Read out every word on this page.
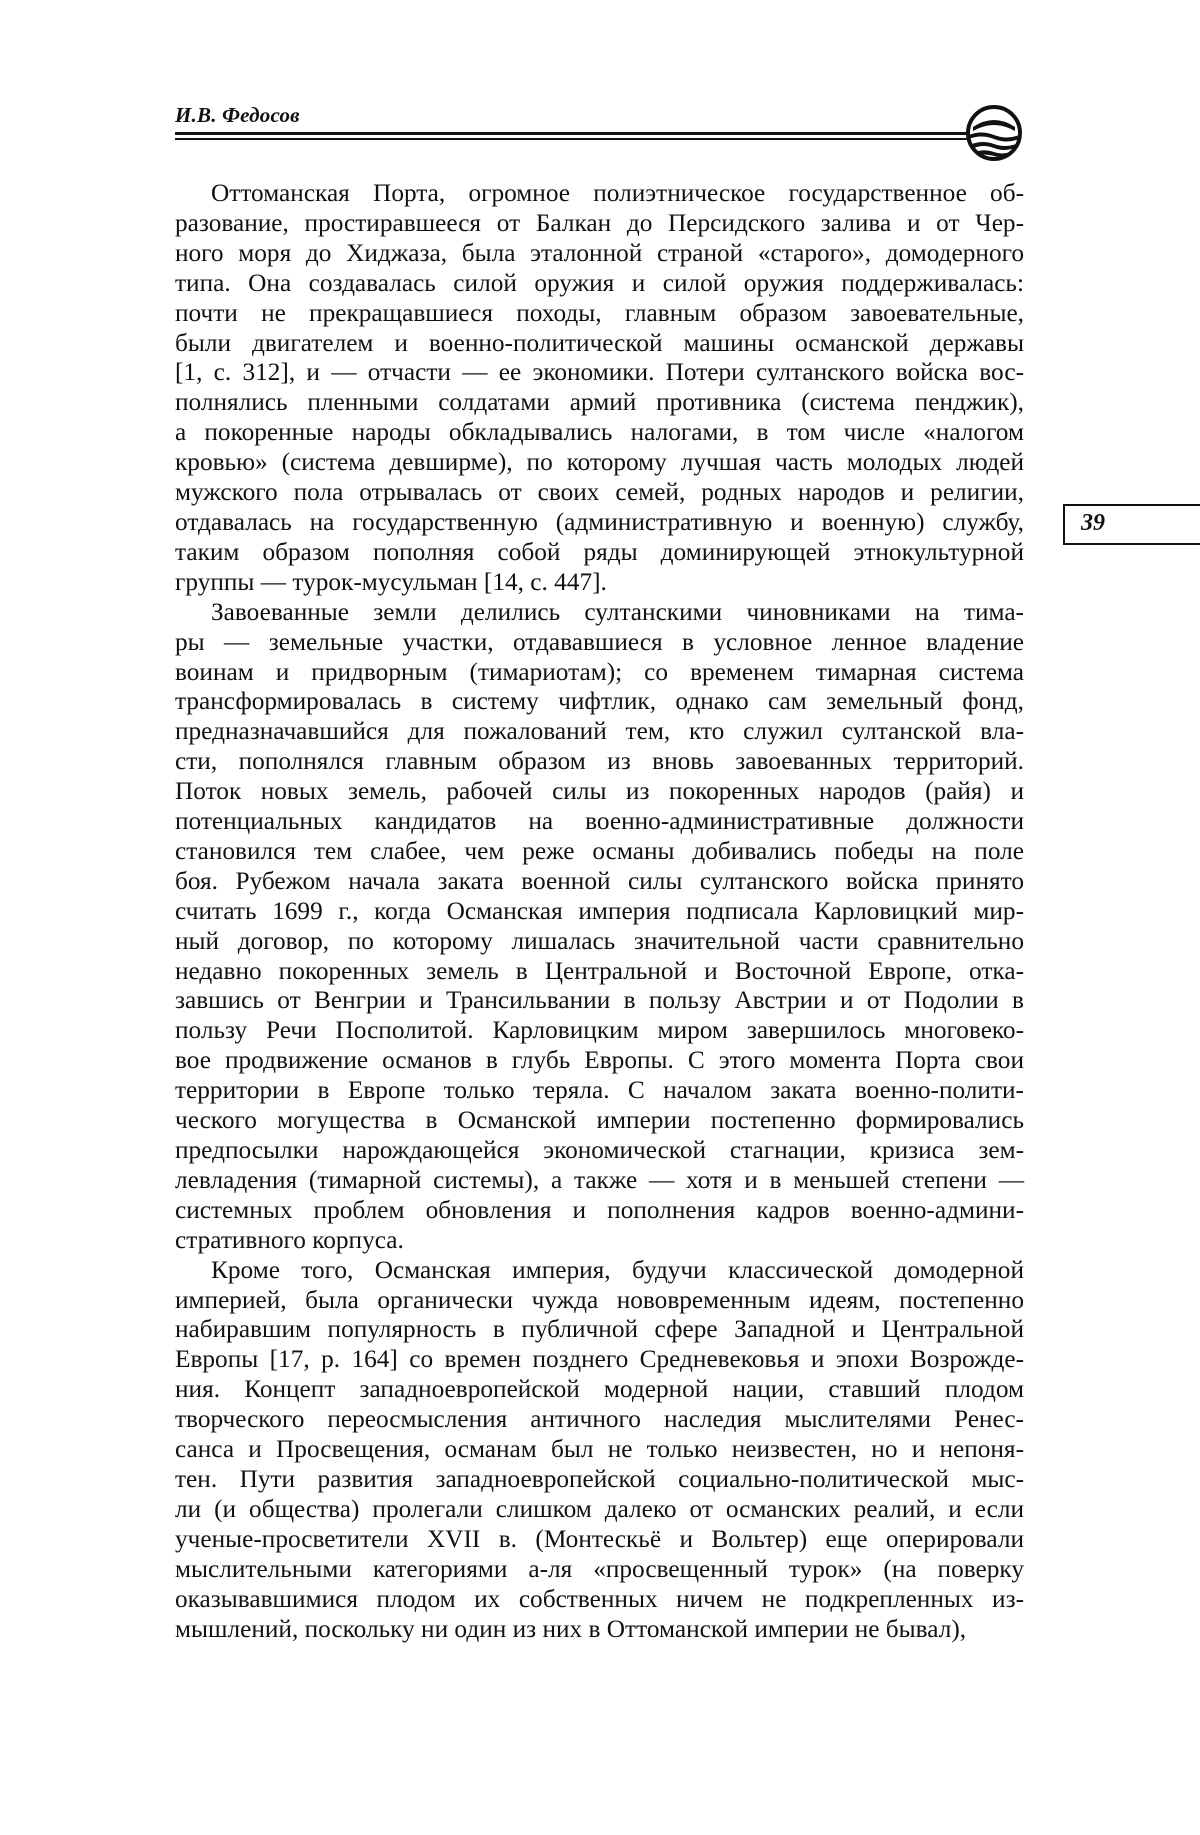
И.В. Федосов
39
Оттоманская Порта, огромное полиэтническое государственное об-
разование, простиравшееся от Балкан до Персидского залива и от Чер-
ного моря до Хиджаза, была эталонной страной «старого», домодерного
типа. Она создавалась силой оружия и силой оружия поддерживалась:
почти не прекращавшиеся походы, главным образом завоевательные,
были двигателем и военно-политической машины османской державы
[1, с. 312], и — отчасти — ее экономики. Потери султанского войска вос-
полнялись пленными солдатами армий противника (система пенджик),
а покоренные народы обкладывались налогами, в том числе «налогом
кровью» (система девширме), по которому лучшая часть молодых людей
мужского пола отрывалась от своих семей, родных народов и религии,
отдавалась на государственную (административную и военную) службу,
таким образом пополняя собой ряды доминирующей этнокультурной
группы — турок-мусульман [14, с. 447].
Завоеванные земли делились султанскими чиновниками на тима-
ры — земельные участки, отдававшиеся в условное ленное владение
воинам и придворным (тимариотам); со временем тимарная система
трансформировалась в систему чифтлик, однако сам земельный фонд,
предназначавшийся для пожалований тем, кто служил султанской вла-
сти, пополнялся главным образом из вновь завоеванных территорий.
Поток новых земель, рабочей силы из покоренных народов (райя) и
потенциальных кандидатов на военно-административные должности
становился тем слабее, чем реже османы добивались победы на поле
боя. Рубежом начала заката военной силы султанского войска принято
считать 1699 г., когда Османская империя подписала Карловицкий мир-
ный договор, по которому лишалась значительной части сравнительно
недавно покоренных земель в Центральной и Восточной Европе, отка-
завшись от Венгрии и Трансильвании в пользу Австрии и от Подолии в
пользу Речи Посполитой. Карловицким миром завершилось многовеко-
вое продвижение османов в глубь Европы. С этого момента Порта свои
территории в Европе только теряла. С началом заката военно-полити-
ческого могущества в Османской империи постепенно формировались
предпосылки нарождающейся экономической стагнации, кризиса зем-
левладения (тимарной системы), а также — хотя и в меньшей степени —
системных проблем обновления и пополнения кадров военно-админи-
стративного корпуса.
Кроме того, Османская империя, будучи классической домодерной
империей, была органически чужда нововременным идеям, постепенно
набиравшим популярность в публичной сфере Западной и Центральной
Европы [17, p. 164] со времен позднего Средневековья и эпохи Возрожде-
ния. Концепт западноевропейской модерной нации, ставший плодом
творческого переосмысления античного наследия мыслителями Ренес-
санса и Просвещения, османам был не только неизвестен, но и непоня-
тен. Пути развития западноевропейской социально-политической мыс-
ли (и общества) пролегали слишком далеко от османских реалий, и если
ученые-просветители XVII в. (Монтескьё и Вольтер) еще оперировали
мыслительными категориями а-ля «просвещенный турок» (на поверку
оказывавшимися плодом их собственных ничем не подкрепленных из-
мышлений, поскольку ни один из них в Оттоманской империи не бывал),
